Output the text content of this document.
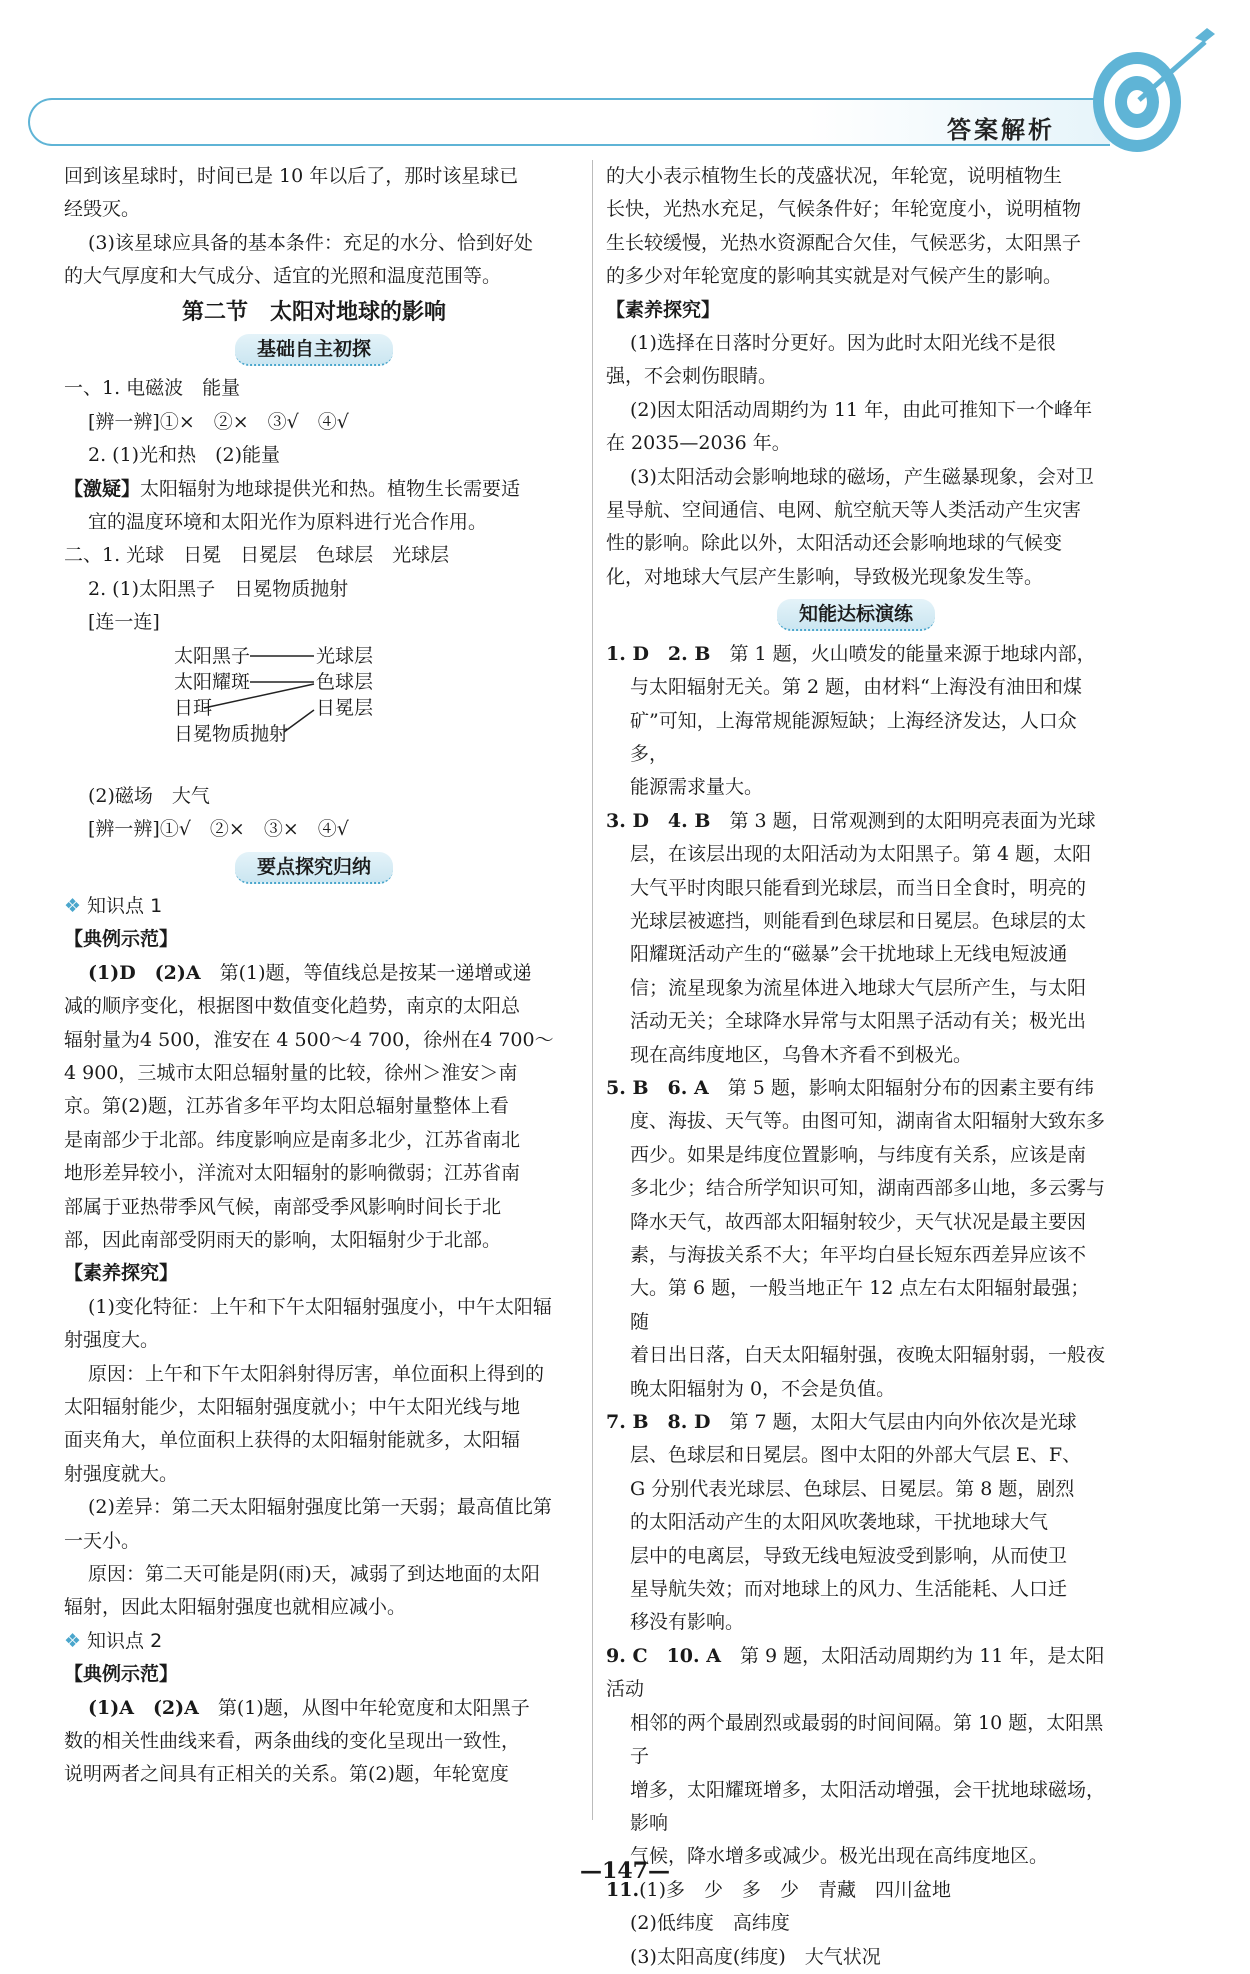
答案解析

回到该星球时，时间已是 10 年以后了，那时该星球已

经毁灭。

(3)该星球应具备的基本条件：充足的水分、恰到好处

的大气厚度和大气成分、适宜的光照和温度范围等。

第二节　太阳对地球的影响

基础自主初探

一、1. 电磁波　能量

[辨一辨]①×　②×　③√　④√

2. (1)光和热　(2)能量

【激疑】太阳辐射为地球提供光和热。植物生长需要适

宜的温度环境和太阳光作为原料进行光合作用。

二、1. 光球　日冕　日冕层　色球层　光球层

2. (1)太阳黑子　日冕物质抛射

[连一连]

太阳黑子
太阳耀斑
日珥
日冕物质抛射
光球层
色球层
日冕层

(2)磁场　大气

[辨一辨]①√　②×　③×　④√

要点探究归纳

❖ 知识点 1

【典例示范】

(1)D　(2)A　第(1)题，等值线总是按某一递增或递

减的顺序变化，根据图中数值变化趋势，南京的太阳总

辐射量为4 500，淮安在 4 500～4 700，徐州在4 700～

4 900，三城市太阳总辐射量的比较，徐州＞淮安＞南

京。第(2)题，江苏省多年平均太阳总辐射量整体上看

是南部少于北部。纬度影响应是南多北少，江苏省南北

地形差异较小，洋流对太阳辐射的影响微弱；江苏省南

部属于亚热带季风气候，南部受季风影响时间长于北

部，因此南部受阴雨天的影响，太阳辐射少于北部。

【素养探究】

(1)变化特征：上午和下午太阳辐射强度小，中午太阳辐

射强度大。

原因：上午和下午太阳斜射得厉害，单位面积上得到的

太阳辐射能少，太阳辐射强度就小；中午太阳光线与地

面夹角大，单位面积上获得的太阳辐射能就多，太阳辐

射强度就大。

(2)差异：第二天太阳辐射强度比第一天弱；最高值比第

一天小。

原因：第二天可能是阴(雨)天，减弱了到达地面的太阳

辐射，因此太阳辐射强度也就相应减小。

❖ 知识点 2

【典例示范】

(1)A　(2)A　第(1)题，从图中年轮宽度和太阳黑子

数的相关性曲线来看，两条曲线的变化呈现出一致性，

说明两者之间具有正相关的关系。第(2)题，年轮宽度

的大小表示植物生长的茂盛状况，年轮宽，说明植物生

长快，光热水充足，气候条件好；年轮宽度小，说明植物

生长较缓慢，光热水资源配合欠佳，气候恶劣，太阳黑子

的多少对年轮宽度的影响其实就是对气候产生的影响。

【素养探究】

(1)选择在日落时分更好。因为此时太阳光线不是很

强，不会刺伤眼睛。

(2)因太阳活动周期约为 11 年，由此可推知下一个峰年

在 2035—2036 年。

(3)太阳活动会影响地球的磁场，产生磁暴现象，会对卫

星导航、空间通信、电网、航空航天等人类活动产生灾害

性的影响。除此以外，太阳活动还会影响地球的气候变

化，对地球大气层产生影响，导致极光现象发生等。

知能达标演练

1. D　2. B　第 1 题，火山喷发的能量来源于地球内部，

与太阳辐射无关。第 2 题，由材料“上海没有油田和煤

矿”可知，上海常规能源短缺；上海经济发达，人口众多，

能源需求量大。

3. D　4. B　第 3 题，日常观测到的太阳明亮表面为光球

层，在该层出现的太阳活动为太阳黑子。第 4 题，太阳

大气平时肉眼只能看到光球层，而当日全食时，明亮的

光球层被遮挡，则能看到色球层和日冕层。色球层的太

阳耀斑活动产生的“磁暴”会干扰地球上无线电短波通

信；流星现象为流星体进入地球大气层所产生，与太阳

活动无关；全球降水异常与太阳黑子活动有关；极光出

现在高纬度地区，乌鲁木齐看不到极光。

5. B　6. A　第 5 题，影响太阳辐射分布的因素主要有纬

度、海拔、天气等。由图可知，湖南省太阳辐射大致东多

西少。如果是纬度位置影响，与纬度有关系，应该是南

多北少；结合所学知识可知，湖南西部多山地，多云雾与

降水天气，故西部太阳辐射较少，天气状况是最主要因

素，与海拔关系不大；年平均白昼长短东西差异应该不

大。第 6 题，一般当地正午 12 点左右太阳辐射最强；随

着日出日落，白天太阳辐射强，夜晚太阳辐射弱，一般夜

晚太阳辐射为 0，不会是负值。

7. B　8. D　第 7 题，太阳大气层由内向外依次是光球

层、色球层和日冕层。图中太阳的外部大气层 E、F、

G 分别代表光球层、色球层、日冕层。第 8 题，剧烈

的太阳活动产生的太阳风吹袭地球，干扰地球大气

层中的电离层，导致无线电短波受到影响，从而使卫

星导航失效；而对地球上的风力、生活能耗、人口迁

移没有影响。

9. C　10. A　第 9 题，太阳活动周期约为 11 年，是太阳活动

相邻的两个最剧烈或最弱的时间间隔。第 10 题，太阳黑子

增多，太阳耀斑增多，太阳活动增强，会干扰地球磁场，影响

气候，降水增多或减少。极光出现在高纬度地区。

11.(1)多　少　多　少　青藏　四川盆地

(2)低纬度　高纬度

(3)太阳高度(纬度)　大气状况

—147—
